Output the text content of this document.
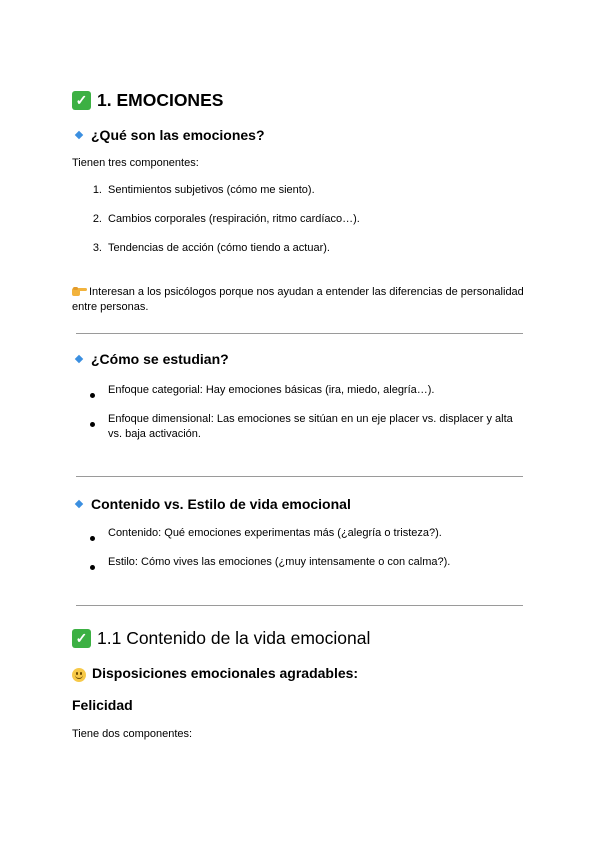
✓ 1. EMOCIONES
¿Qué son las emociones?
Tienen tres componentes:
1. Sentimientos subjetivos (cómo me siento).
2. Cambios corporales (respiración, ritmo cardíaco…).
3. Tendencias de acción (cómo tiendo a actuar).
Interesan a los psicólogos porque nos ayudan a entender las diferencias de personalidad entre personas.
¿Cómo se estudian?
Enfoque categorial: Hay emociones básicas (ira, miedo, alegría…).
Enfoque dimensional: Las emociones se sitúan en un eje placer vs. displacer y alta vs. baja activación.
Contenido vs. Estilo de vida emocional
Contenido: Qué emociones experimentas más (¿alegría o tristeza?).
Estilo: Cómo vives las emociones (¿muy intensamente o con calma?).
✓ 1.1 Contenido de la vida emocional
Disposiciones emocionales agradables:
Felicidad
Tiene dos componentes:
